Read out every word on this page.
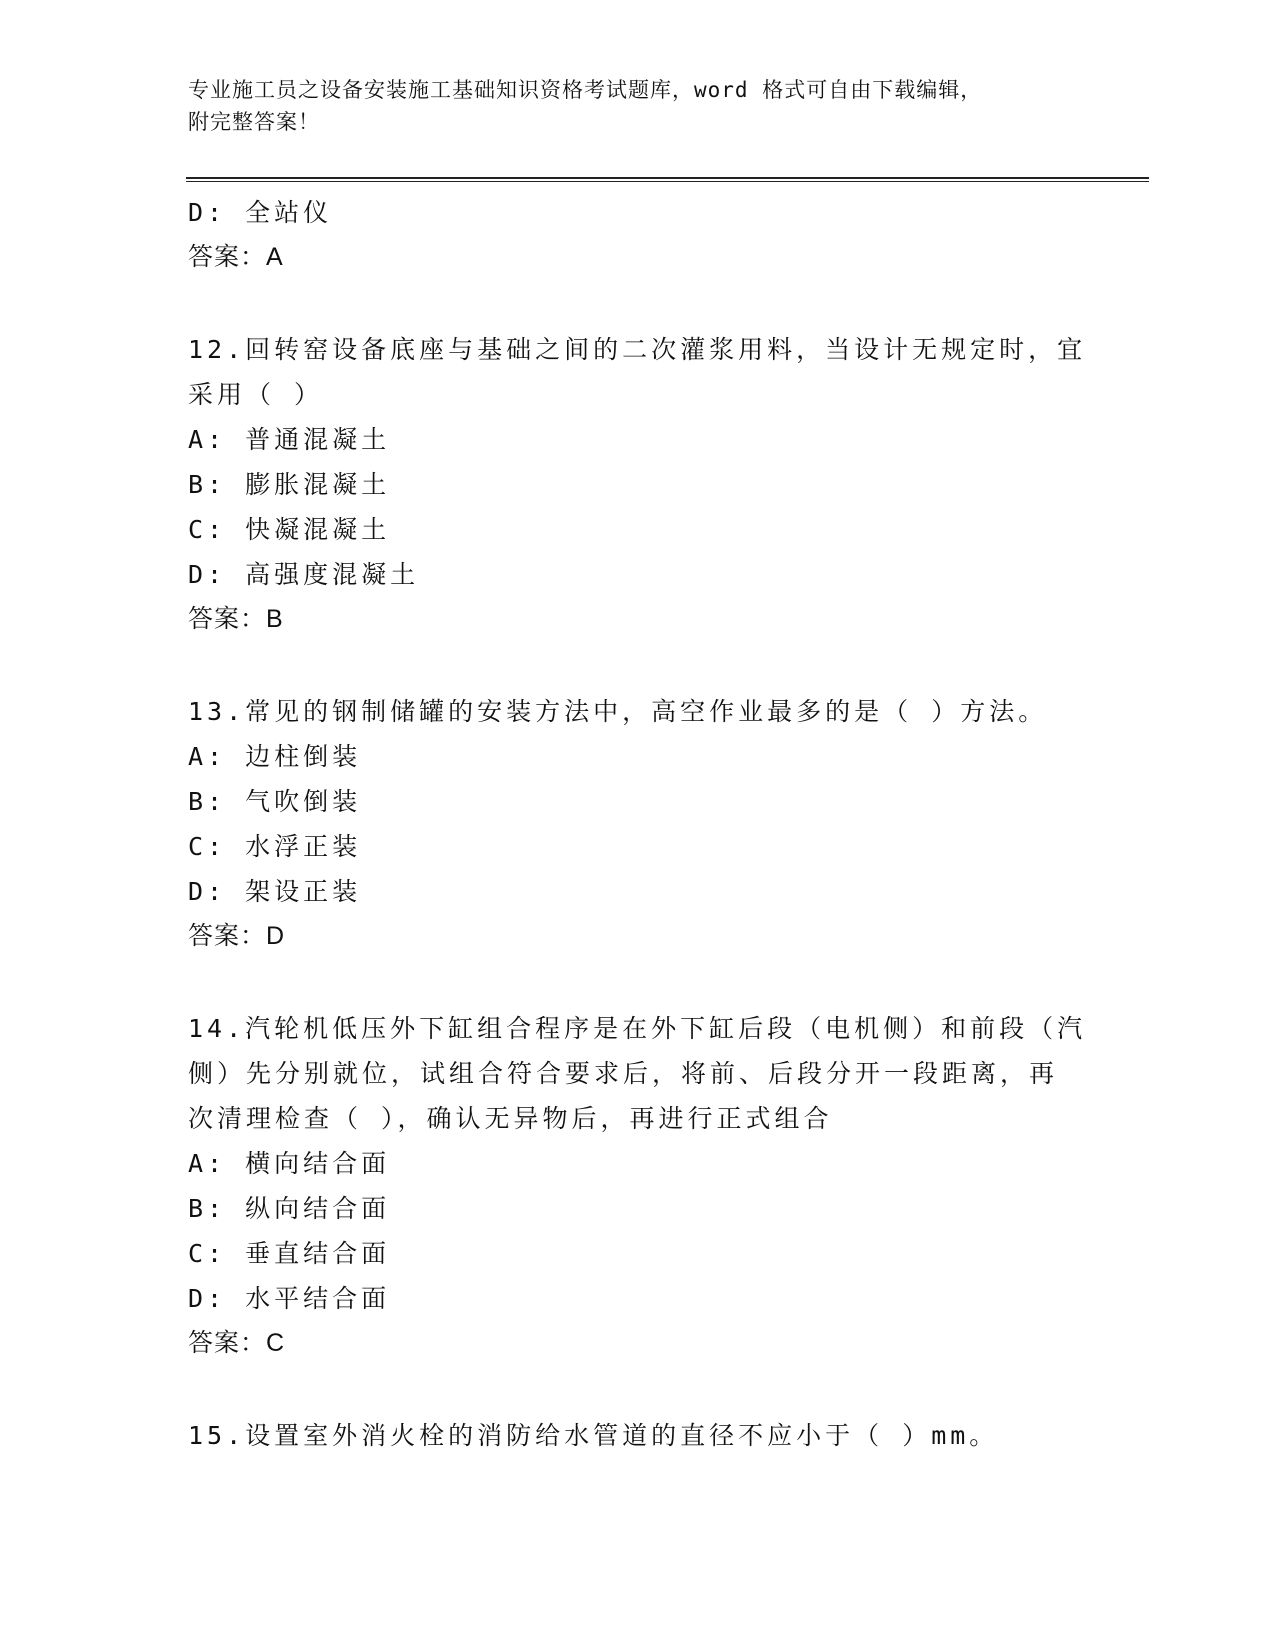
专业施工员之设备安装施工基础知识资格考试题库，word 格式可自由下载编辑，
附完整答案！
D: 全站仪
答案：A
12.回转窑设备底座与基础之间的二次灌浆用料，当设计无规定时，宜
采用（ ）
A: 普通混凝土
B: 膨胀混凝土
C: 快凝混凝土
D: 高强度混凝土
答案：B
13.常见的钢制储罐的安装方法中，高空作业最多的是（ ）方法。
A: 边柱倒装
B: 气吹倒装
C: 水浮正装
D: 架设正装
答案：D
14.汽轮机低压外下缸组合程序是在外下缸后段（电机侧）和前段（汽
侧）先分别就位，试组合符合要求后，将前、后段分开一段距离，再
次清理检查（ ），确认无异物后，再进行正式组合
A: 横向结合面
B: 纵向结合面
C: 垂直结合面
D: 水平结合面
答案：C
15.设置室外消火栓的消防给水管道的直径不应小于（ ）mm。
